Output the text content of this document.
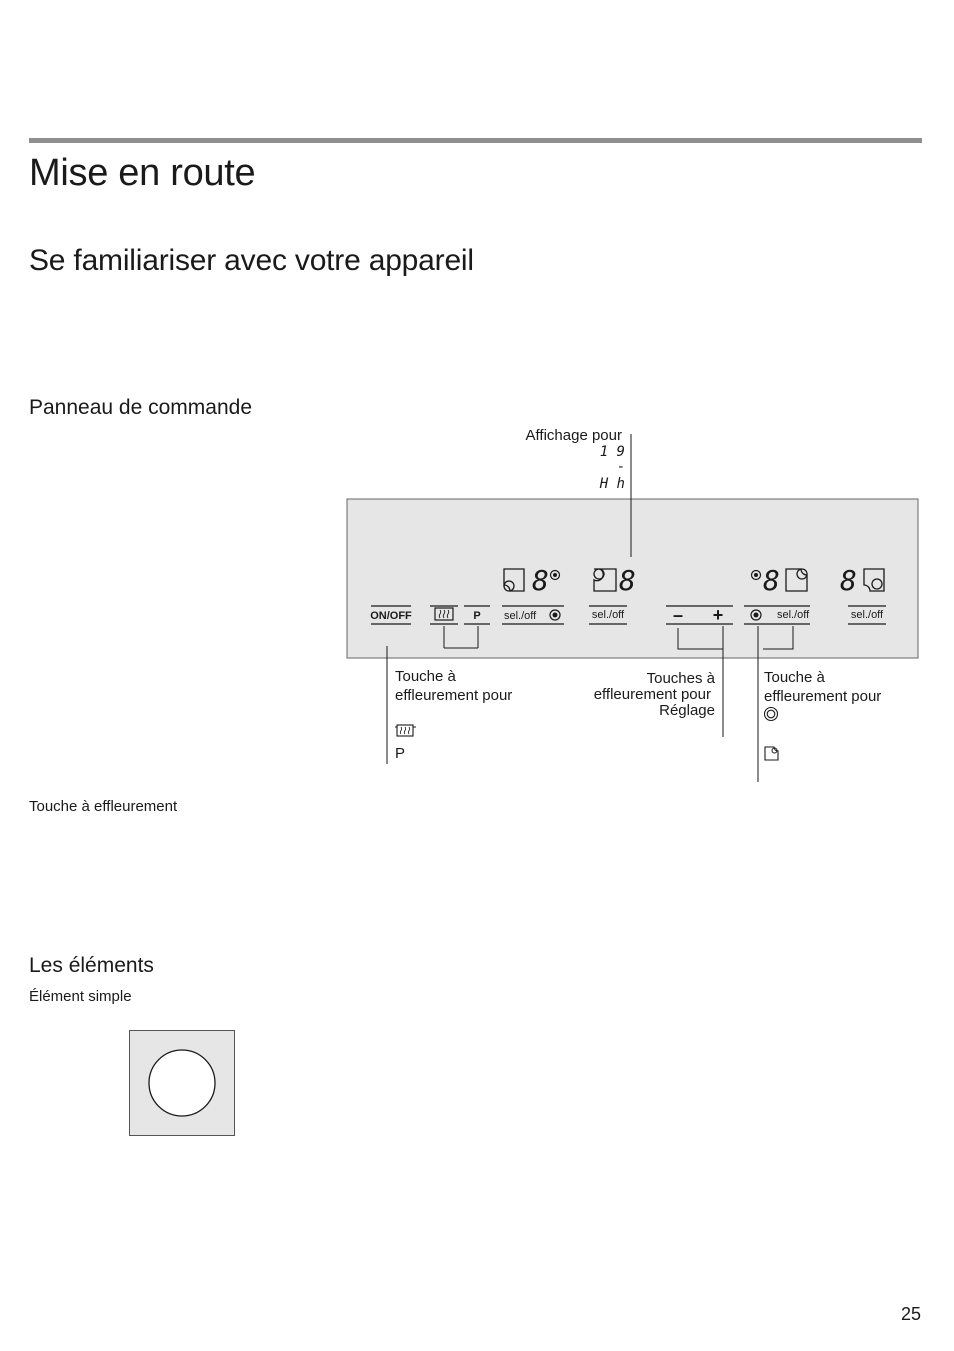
Mise en route
Se familiariser avec votre appareil
Panneau de commande
Affichage pour
1 9
-
H h
8	8	8 8
ON/OFF	P sel./off	sel./off	– +	sel./off	sel./off
Touche à
effleurement pour
P
Touches à
effleurement pour
Réglage
Touche à
effleurement pour
Touche à effleurement
Les éléments
Élément simple
25
